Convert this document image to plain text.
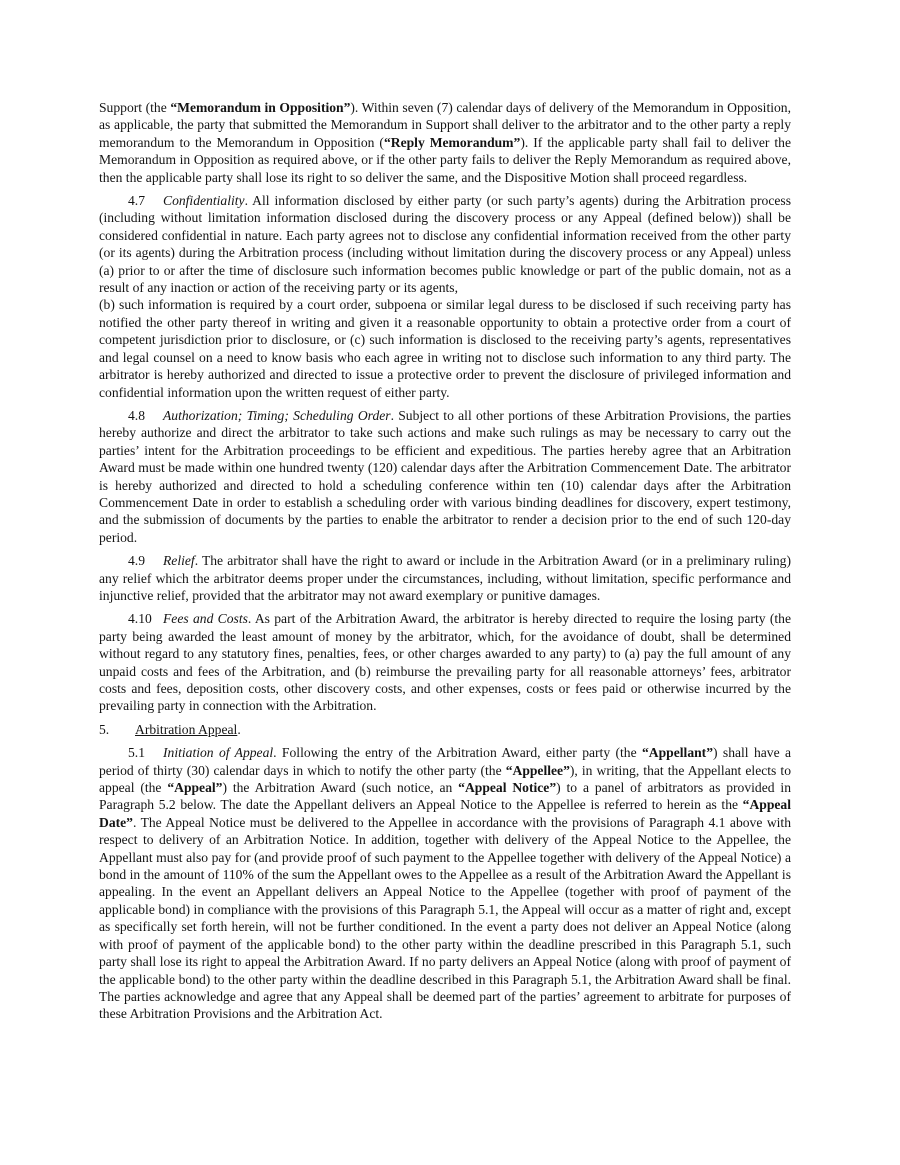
Support (the “Memorandum in Opposition”). Within seven (7) calendar days of delivery of the Memorandum in Opposition, as applicable, the party that submitted the Memorandum in Support shall deliver to the arbitrator and to the other party a reply memorandum to the Memorandum in Opposition (“Reply Memorandum”). If the applicable party shall fail to deliver the Memorandum in Opposition as required above, or if the other party fails to deliver the Reply Memorandum as required above, then the applicable party shall lose its right to so deliver the same, and the Dispositive Motion shall proceed regardless.

4.7 Confidentiality. All information disclosed by either party (or such party’s agents) during the Arbitration process (including without limitation information disclosed during the discovery process or any Appeal (defined below)) shall be considered confidential in nature. Each party agrees not to disclose any confidential information received from the other party (or its agents) during the Arbitration process (including without limitation during the discovery process or any Appeal) unless (a) prior to or after the time of disclosure such information becomes public knowledge or part of the public domain, not as a result of any inaction or action of the receiving party or its agents,
(b) such information is required by a court order, subpoena or similar legal duress to be disclosed if such receiving party has notified the other party thereof in writing and given it a reasonable opportunity to obtain a protective order from a court of competent jurisdiction prior to disclosure, or (c) such information is disclosed to the receiving party’s agents, representatives and legal counsel on a need to know basis who each agree in writing not to disclose such information to any third party. The arbitrator is hereby authorized and directed to issue a protective order to prevent the disclosure of privileged information and confidential information upon the written request of either party.

4.8 Authorization; Timing; Scheduling Order. Subject to all other portions of these Arbitration Provisions, the parties hereby authorize and direct the arbitrator to take such actions and make such rulings as may be necessary to carry out the parties’ intent for the Arbitration proceedings to be efficient and expeditious. The parties hereby agree that an Arbitration Award must be made within one hundred twenty (120) calendar days after the Arbitration Commencement Date. The arbitrator is hereby authorized and directed to hold a scheduling conference within ten (10) calendar days after the Arbitration Commencement Date in order to establish a scheduling order with various binding deadlines for discovery, expert testimony, and the submission of documents by the parties to enable the arbitrator to render a decision prior to the end of such 120-day period.

4.9 Relief. The arbitrator shall have the right to award or include in the Arbitration Award (or in a preliminary ruling) any relief which the arbitrator deems proper under the circumstances, including, without limitation, specific performance and injunctive relief, provided that the arbitrator may not award exemplary or punitive damages.

4.10 Fees and Costs. As part of the Arbitration Award, the arbitrator is hereby directed to require the losing party (the party being awarded the least amount of money by the arbitrator, which, for the avoidance of doubt, shall be determined without regard to any statutory fines, penalties, fees, or other charges awarded to any party) to (a) pay the full amount of any unpaid costs and fees of the Arbitration, and (b) reimburse the prevailing party for all reasonable attorneys’ fees, arbitrator costs and fees, deposition costs, other discovery costs, and other expenses, costs or fees paid or otherwise incurred by the prevailing party in connection with the Arbitration.

5. Arbitration Appeal.

5.1 Initiation of Appeal. Following the entry of the Arbitration Award, either party (the “Appellant”) shall have a period of thirty (30) calendar days in which to notify the other party (the “Appellee”), in writing, that the Appellant elects to appeal (the “Appeal”) the Arbitration Award (such notice, an “Appeal Notice”) to a panel of arbitrators as provided in Paragraph 5.2 below. The date the Appellant delivers an Appeal Notice to the Appellee is referred to herein as the “Appeal Date”. The Appeal Notice must be delivered to the Appellee in accordance with the provisions of Paragraph 4.1 above with respect to delivery of an Arbitration Notice. In addition, together with delivery of the Appeal Notice to the Appellee, the Appellant must also pay for (and provide proof of such payment to the Appellee together with delivery of the Appeal Notice) a bond in the amount of 110% of the sum the Appellant owes to the Appellee as a result of the Arbitration Award the Appellant is appealing. In the event an Appellant delivers an Appeal Notice to the Appellee (together with proof of payment of the applicable bond) in compliance with the provisions of this Paragraph 5.1, the Appeal will occur as a matter of right and, except as specifically set forth herein, will not be further conditioned. In the event a party does not deliver an Appeal Notice (along with proof of payment of the applicable bond) to the other party within the deadline prescribed in this Paragraph 5.1, such party shall lose its right to appeal the Arbitration Award. If no party delivers an Appeal Notice (along with proof of payment of the applicable bond) to the other party within the deadline described in this Paragraph 5.1, the Arbitration Award shall be final. The parties acknowledge and agree that any Appeal shall be deemed part of the parties’ agreement to arbitrate for purposes of these Arbitration Provisions and the Arbitration Act.
